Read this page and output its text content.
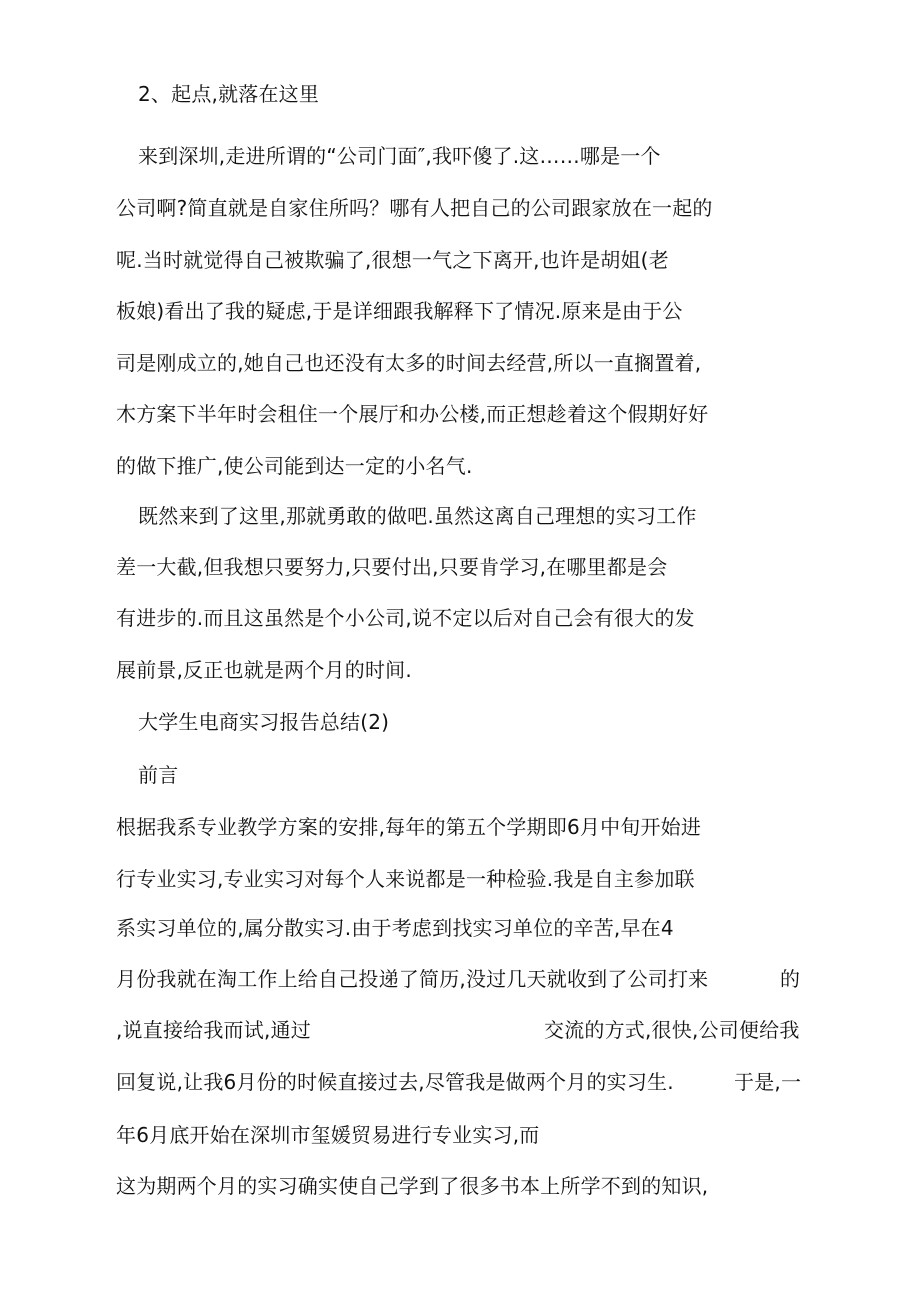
2、起点,就落在这里
来到深圳,走进所谓的“公司门面″,我吓傻了.这……哪是一个
公司啊?简直就是自家住所吗？哪有人把自己的公司跟家放在一起的
呢.当时就觉得自己被欺骗了,很想一气之下离开,也许是胡姐(老
板娘)看出了我的疑虑,于是详细跟我解释下了情况.原来是由于公
司是刚成立的,她自己也还没有太多的时间去经营,所以一直搁置着,
木方案下半年时会租住一个展厅和办公楼,而正想趁着这个假期好好
的做下推广,使公司能到达一定的小名气.
既然来到了这里,那就勇敢的做吧.虽然这离自己理想的实习工作
差一大截,但我想只要努力,只要付出,只要肯学习,在哪里都是会
有进步的.而且这虽然是个小公司,说不定以后对自己会有很大的发
展前景,反正也就是两个月的时间.
大学生电商实习报告总结(2)
前言
根据我系专业教学方案的安排,每年的第五个学期即6月中旬开始进
行专业实习,专业实习对每个人来说都是一种检验.我是自主参加联
系实习单位的,属分散实习.由于考虑到找实习单位的辛苦,早在4
月份我就在淘工作上给自己投递了简历,没过几天就收到了公司打来	的
,说直接给我而试,通过	交流的方式,很快,公司便给我
回复说,让我6月份的时候直接过去,尽管我是做两个月的实习生.	于是,一
年6月底开始在深圳市玺媛贸易进行专业实习,而
这为期两个月的实习确实使自己学到了很多书本上所学不到的知识,
